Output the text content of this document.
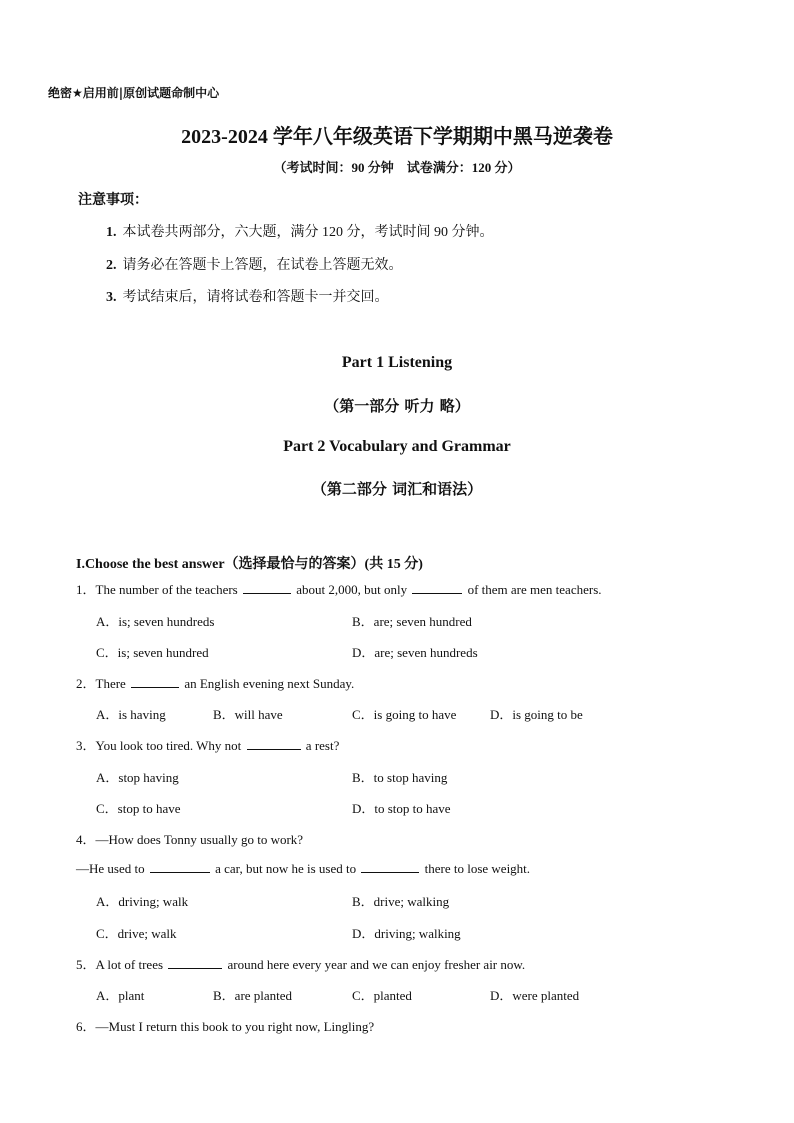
绝密★启用前|原创试题命制中心
2023-2024 学年八年级英语下学期期中黑马逆袭卷
（考试时间：90 分钟　试卷满分：120 分）
注意事项：
1. 本试卷共两部分，六大题，满分 120 分，考试时间 90 分钟。
2. 请务必在答题卡上答题，在试卷上答题无效。
3. 考试结束后，请将试卷和答题卡一并交回。
Part 1 Listening
（第一部分 听力 略）
Part 2 Vocabulary and Grammar
（第二部分 词汇和语法）
I.Choose the best answer（选择最恰与的答案）(共 15 分)
1．The number of the teachers	about 2,000, but only	of them are men teachers.
A．is; seven hundreds	B．are; seven hundred
C．is; seven hundred	D．are; seven hundreds
2．There	an English evening next Sunday.
A．is having	B．will have	C．is going to have	D．is going to be
3．You look too tired. Why not	a rest?
A．stop having	B．to stop having
C．stop to have	D．to stop to have
4．—How does Tonny usually go to work?
—He used to	a car, but now he is used to	there to lose weight.
A．driving; walk	B．drive; walking
C．drive; walk	D．driving; walking
5．A lot of trees	around here every year and we can enjoy fresher air now.
A．plant	B．are planted	C．planted	D．were planted
6．—Must I return this book to you right now, Lingling?
